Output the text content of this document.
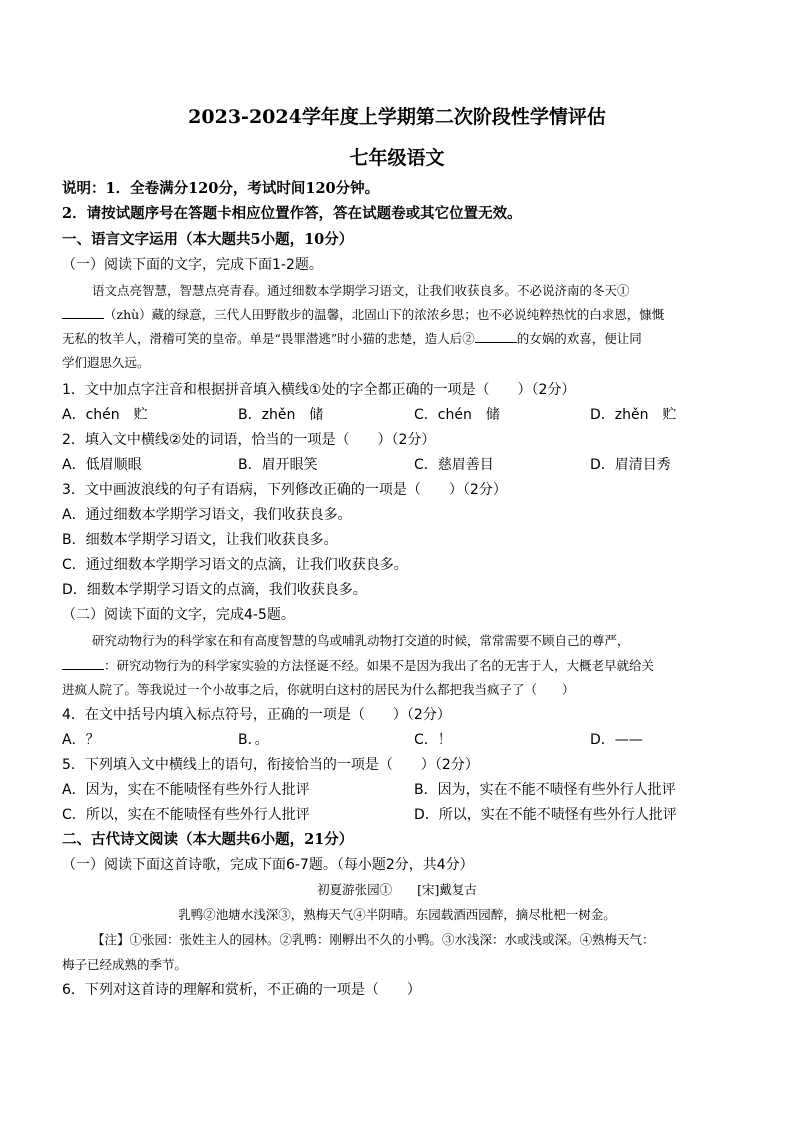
2023-2024学年度上学期第二次阶段性学情评估
七年级语文
说明：1．全卷满分120分，考试时间120分钟。
2．请按试题序号在答题卡相应位置作答，答在试题卷或其它位置无效。
一、语言文字运用（本大题共5小题，10分）
（一）阅读下面的文字，完成下面1-2题。
语文点亮智慧，智慧点亮青春。通过细数本学期学习语文，让我们收获良多。不必说济南的冬天①
（zhù）藏的绿意，三代人田野散步的温馨，北固山下的浓浓乡思；也不必说纯粹热忱的白求恩，慷慨
无私的牧羊人，滑稽可笑的皇帝。单是“畏罪潜逃”时小猫的悲楚，造人后②	的女娲的欢喜，便让同
学们遐思久远。
1．文中加点字注音和根据拼音填入横线①处的字全都正确的一项是（　　）（2分）
A．chén　贮	B．zhěn　储	C．chén　储	D．zhěn　贮
2．填入文中横线②处的词语，恰当的一项是（　　）（2分）
A．低眉顺眼	B．眉开眼笑	C．慈眉善目	D．眉清目秀
3．文中画波浪线的句子有语病，下列修改正确的一项是（　　）（2分）
A．通过细数本学期学习语文，我们收获良多。
B．细数本学期学习语文，让我们收获良多。
C．通过细数本学期学习语文的点滴，让我们收获良多。
D．细数本学期学习语文的点滴，我们收获良多。
（二）阅读下面的文字，完成4-5题。
研究动物行为的科学家在和有高度智慧的鸟或哺乳动物打交道的时候，常常需要不顾自己的尊严，
：研究动物行为的科学家实验的方法怪诞不经。如果不是因为我出了名的无害于人，大概老早就给关
进疯人院了。等我说过一个小故事之后，你就明白这村的居民为什么都把我当疯子了（　　）
4．在文中括号内填入标点符号，正确的一项是（　　）（2分）
A．？	B．。	C．！	D．——
5．下列填入文中横线上的语句，衔接恰当的一项是（　　）（2分）
A．因为，实在不能啧怪有些外行人批评	B．因为，实在不能不啧怪有些外行人批评
C．所以，实在不能啧怪有些外行人批评	D．所以，实在不能不啧怪有些外行人批评
二、古代诗文阅读（本大题共6小题，21分）
（一）阅读下面这首诗歌，完成下面6-7题。（每小题2分，共4分）
初夏游张园①　　[宋]戴复古
乳鸭②池塘水浅深③，熟梅天气④半阴晴。东园载酒西园醉，摘尽枇杷一树金。
【注】①张园：张姓主人的园林。②乳鸭：刚孵出不久的小鸭。③水浅深：水或浅或深。④熟梅天气：
梅子已经成熟的季节。
6．下列对这首诗的理解和赏析，不正确的一项是（　　）
